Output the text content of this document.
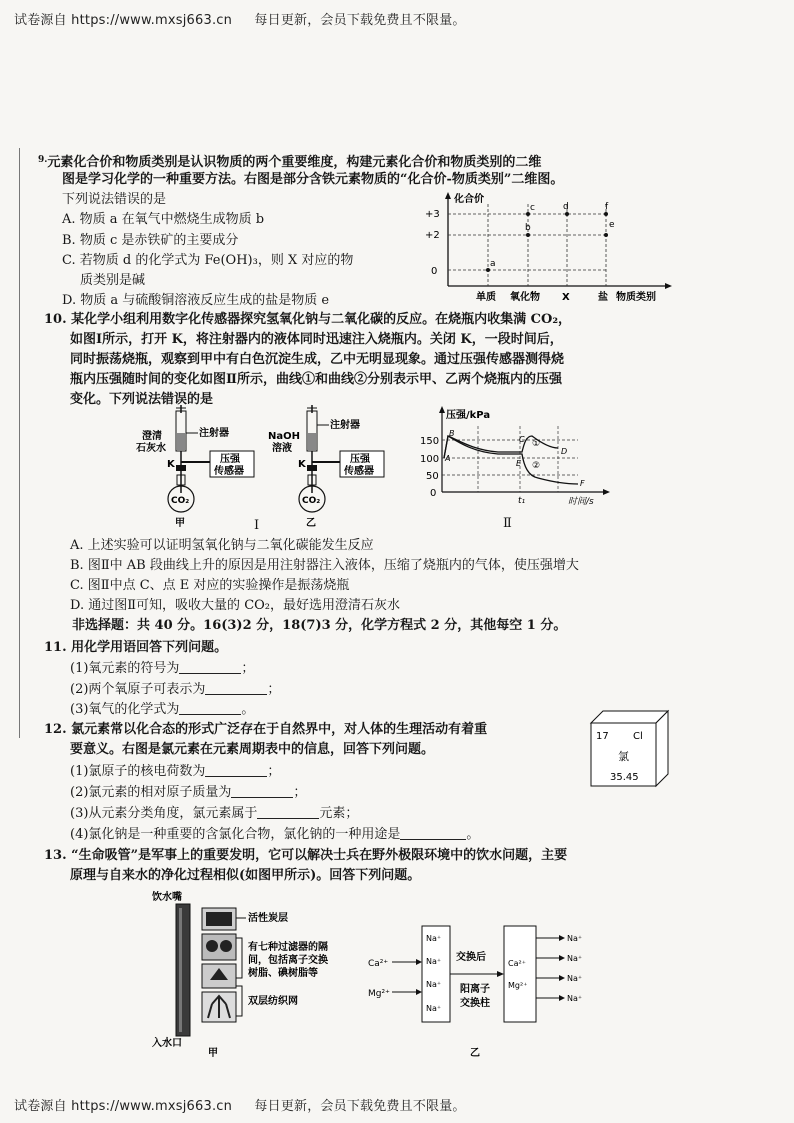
试卷源自 https://www.mxsj663.cn 每日更新，会员下载免费且不限量。
$^{9.}$元素化合价和物质类别是认识物质的两个重要维度，构建元素化合价和物质类别的二维
图是学习化学的一种重要方法。右图是部分含铁元素物质的“化合价-物质类别”二维图。
下列说法错误的是
A. 物质 a 在氧气中燃烧生成物质 b
B. 物质 c 是赤铁矿的主要成分
C. 若物质 d 的化学式为 Fe(OH)₃，则 X 对应的物
质类别是碱
D. 物质 a 与硫酸铜溶液反应生成的盐是物质 e
化合价
+3
+2
0
a
b
c	d	f
e
单质 氧化物 X	盐 物质类别
10. 某化学小组利用数字化传感器探究氢氧化钠与二氧化碳的反应。在烧瓶内收集满 CO₂，
如图Ⅰ所示，打开 K，将注射器内的液体同时迅速注入烧瓶内。关闭 K，一段时间后，
同时振荡烧瓶，观察到甲中有白色沉淀生成，乙中无明显现象。通过压强传感器测得烧
瓶内压强随时间的变化如图Ⅱ所示，曲线①和曲线②分别表示甲、乙两个烧瓶内的压强
变化。下列说法错误的是
澄清
石灰水
注射器
K	压强
传感器
CO₂
甲
NaOH
溶液
注射器
K	压强
传感器
CO₂
乙
Ⅰ
压强/kPa
150
100
50
0
A
B
C
D
E
F
①
②
t₁	时间/s
Ⅱ
A. 上述实验可以证明氢氧化钠与二氧化碳能发生反应
B. 图Ⅱ中 AB 段曲线上升的原因是用注射器注入液体，压缩了烧瓶内的气体，使压强增大
C. 图Ⅱ中点 C、点 E 对应的实验操作是振荡烧瓶
D. 通过图Ⅱ可知，吸收大量的 CO₂，最好选用澄清石灰水
非选择题：共 40 分。16(3)2 分，18(7)3 分，化学方程式 2 分，其他每空 1 分。
11. 用化学用语回答下列问题。
(1)氧元素的符号为	；
(2)两个氧原子可表示为	；
(3)氧气的化学式为	。
12. 氯元素常以化合态的形式广泛存在于自然界中，对人体的生理活动有着重
要意义。右图是氯元素在元素周期表中的信息，回答下列问题。
(1)氯原子的核电荷数为	；
(2)氯元素的相对原子质量为	；
(3)从元素分类角度，氯元素属于	元素；
(4)氯化钠是一种重要的含氯化合物，氯化钠的一种用途是	。
17 Cl
氯
35.45
13. “生命吸管”是军事上的重要发明，它可以解决士兵在野外极限环境中的饮水问题，主要
原理与自来水的净化过程相似(如图甲所示)。回答下列问题。
饮水嘴
活性炭层
有七种过滤器的隔
间，包括离子交换
树脂、碘树脂等
双层纺织网
入水口
甲
Ca²⁺
Mg²⁺
Na⁺
Na⁺
Na⁺
Na⁺
交换后
阳离子
交换柱
Ca²⁺
Mg²⁺
Na⁺
Na⁺
Na⁺
Na⁺
乙
试卷源自 https://www.mxsj663.cn 每日更新，会员下载免费且不限量。
